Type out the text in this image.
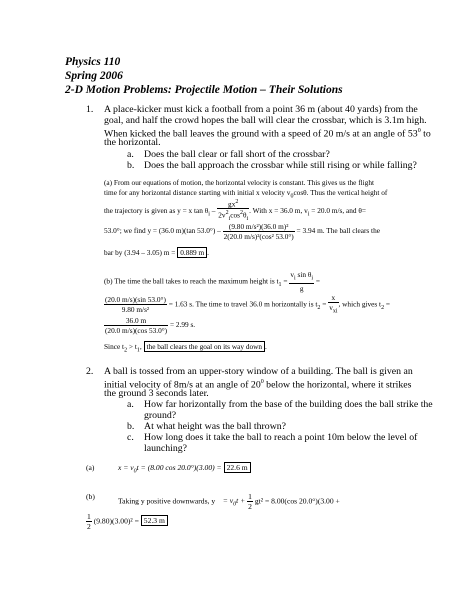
Physics 110
Spring 2006
2-D Motion Problems: Projectile Motion – Their Solutions
1. A place-kicker must kick a football from a point 36 m (about 40 yards) from the
goal, and half the crowd hopes the ball will clear the crossbar, which is 3.1m high.
When kicked the ball leaves the ground with a speed of 20 m/s at an angle of $53^0$ to
the horizontal.
a. Does the ball clear or fall short of the crossbar?
b. Does the ball approach the crossbar while still rising or while falling?
(a) From our equations of motion, the horizontal velocity is constant. This gives us the flight
time for any horizontal distance starting with initial x velocity $v_0\cos\theta$. Thus the vertical height of
the trajectory is given as y = x $\tan \theta_i - \frac{gx^2}{2v^2_i\cos^2\theta_i}$ . With x = 36.0 m, $v_i = 20.0$ m/s, and θ=
53.0°; we find y = (36.0 m)(tan $53.0^\circ) - \frac{\text{(9.80 m/s²)(36.0 m)²}}{\text{2(20.0 m/s)²(cos² 53.0°)}} = 3.94$ m. The ball clears the
bar by (3.94 – 3.05) m = 0.889 m .
(b) The time the ball takes to reach the maximum height is $t_1 = \frac{v_i \sin \theta_i}{g}$ =
$\frac{(20.0 m/s)(\sin 53.0^\circ)}{\text{9.80 m/s²}} = 1.63$ s. The time to travel 36.0 m horizontally is $t_2 = \frac{x}{v_{xi}}$ , which gives $t_2$ =
$\frac{36.0 m}{(20.0 m/s)(\cos 53.0^\circ)} = 2.99$ s.
Since $t_2 > t_1$, the ball clears the goal on its way down .
2. A ball is tossed from an upper-story window of a building. The ball is given an
initial velocity of 8m/s at an angle of $20^0$ below the horizontal, where it strikes
the ground 3 seconds later.
a. How far horizontally from the base of the building does the ball strike the
ground?
b. At what height was the ball thrown?
c. How long does it take the ball to reach a point 10m below the level of
launching?
(a)	$x = v_0t = (8.00$ cos 20.0°)(3.00) = 22.6 m
(b)	Taking y positive downwards, $y = v_0t + \frac{1}{2} gt^2 = 8.00(\cos$ 20.0°)(3.00 +
$\frac{1}{2} (9.80)(3.00)^2 = 52.3$ m
